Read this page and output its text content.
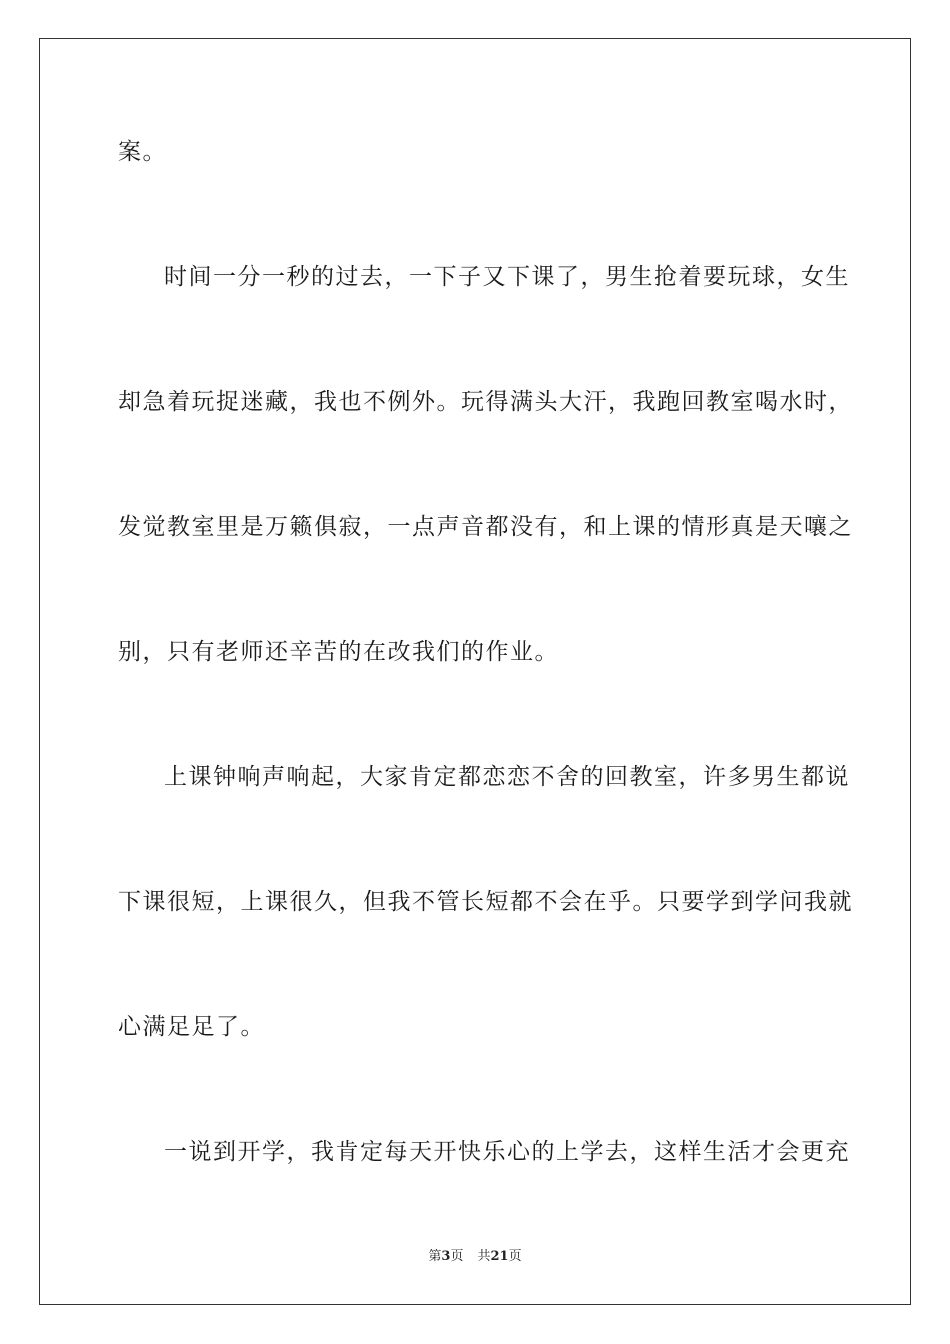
案。
时间一分一秒的过去，一下子又下课了，男生抢着要玩球，女生
却急着玩捉迷藏，我也不例外。玩得满头大汗，我跑回教室喝水时，
发觉教室里是万籁俱寂，一点声音都没有，和上课的情形真是天嚷之
别，只有老师还辛苦的在改我们的作业。
上课钟响声响起，大家肯定都恋恋不舍的回教室，许多男生都说
下课很短，上课很久，但我不管长短都不会在乎。只要学到学问我就
心满足足了。
一说到开学，我肯定每天开快乐心的上学去，这样生活才会更充
第3页 共21页
